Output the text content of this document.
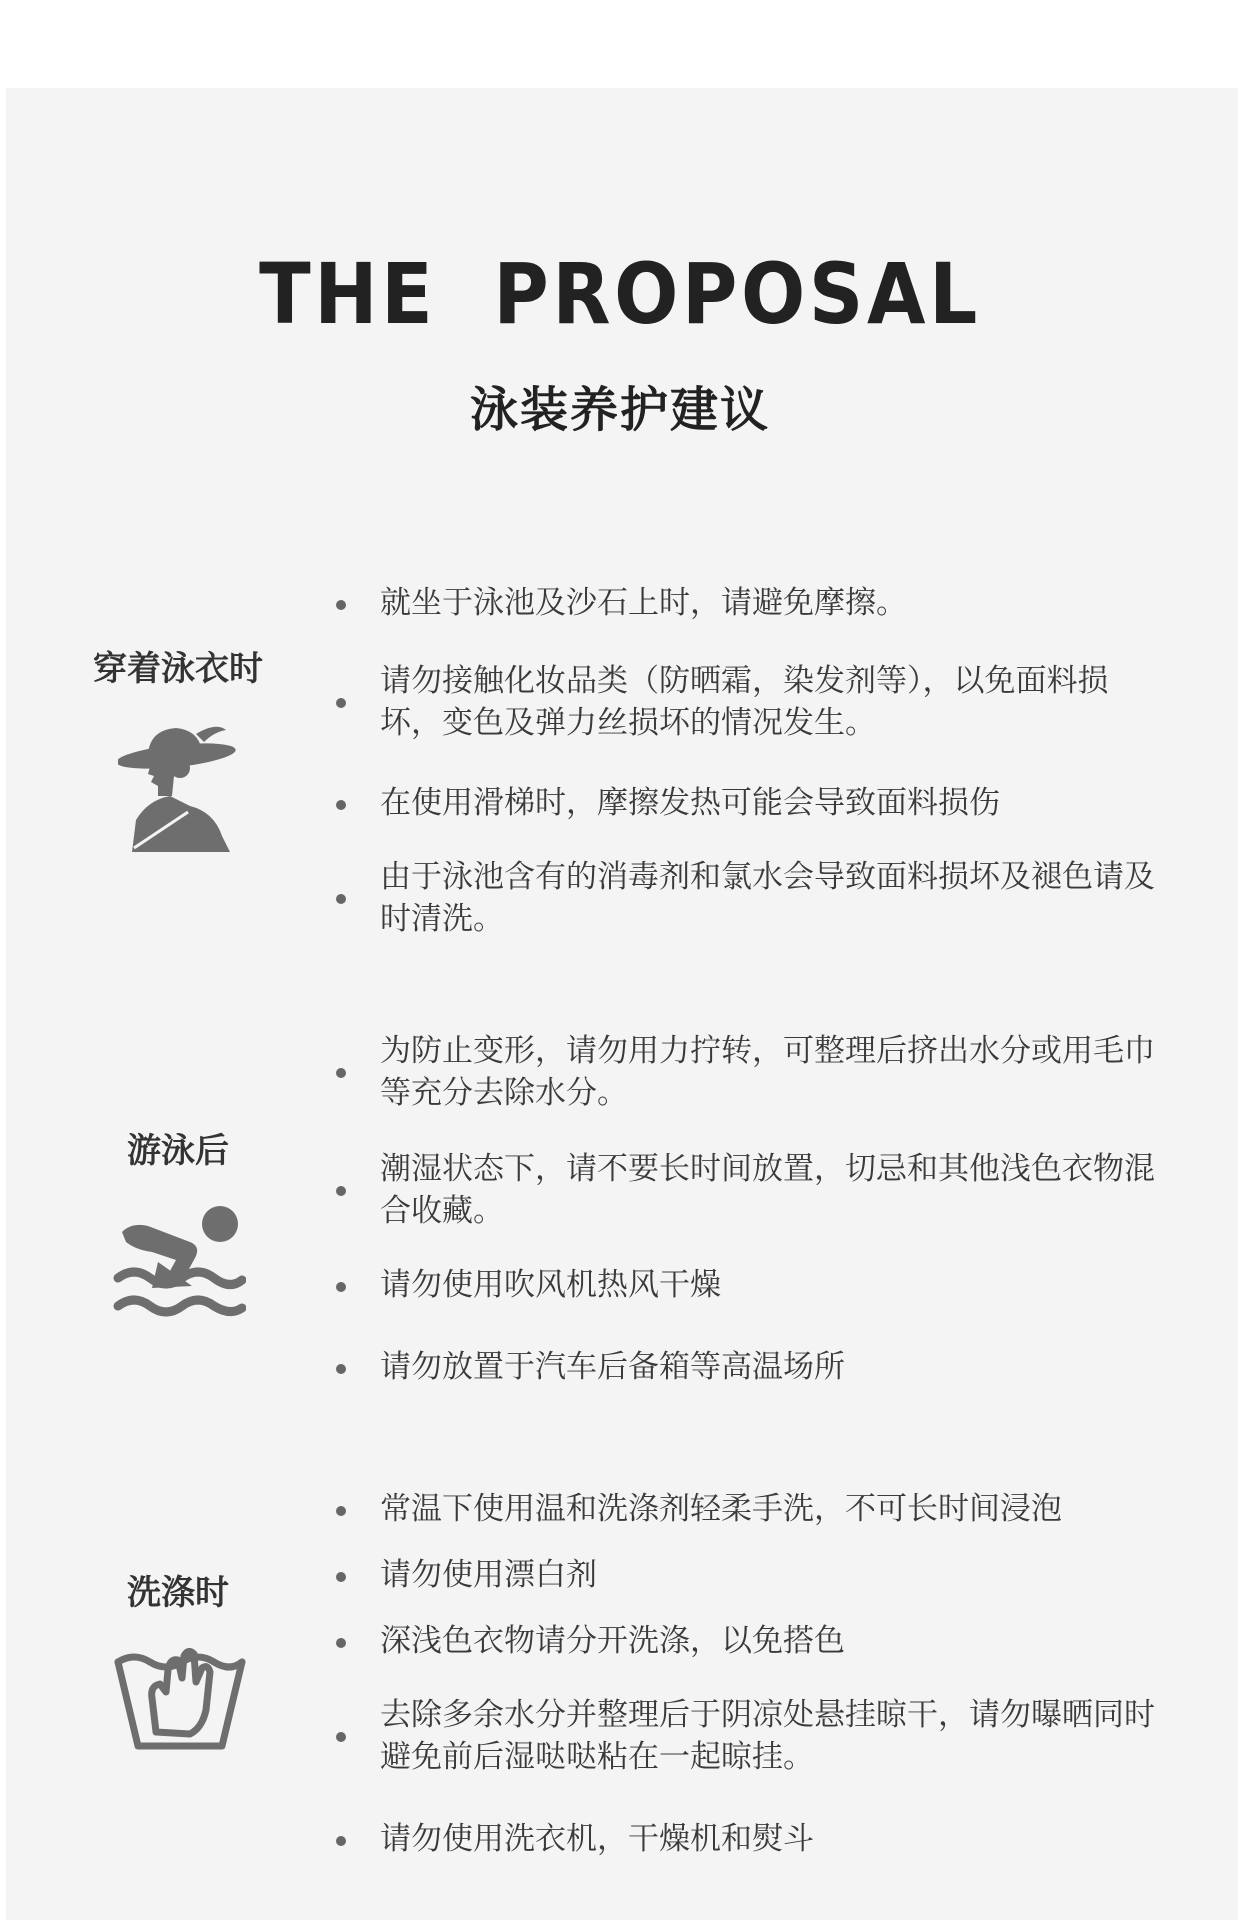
THE PROPOSAL
泳装养护建议
穿着泳衣时
就坐于泳池及沙石上时，请避免摩擦。
请勿接触化妆品类（防晒霜，染发剂等），以免面料损坏，变色及弹力丝损坏的情况发生。
在使用滑梯时，摩擦发热可能会导致面料损伤
由于泳池含有的消毒剂和氯水会导致面料损坏及褪色请及时清洗。
游泳后
为防止变形，请勿用力拧转，可整理后挤出水分或用毛巾等充分去除水分。
潮湿状态下，请不要长时间放置，切忌和其他浅色衣物混合收藏。
请勿使用吹风机热风干燥
请勿放置于汽车后备箱等高温场所
洗涤时
常温下使用温和洗涤剂轻柔手洗，不可长时间浸泡
请勿使用漂白剂
深浅色衣物请分开洗涤，以免搭色
去除多余水分并整理后于阴凉处悬挂晾干，请勿曝晒同时避免前后湿哒哒粘在一起晾挂。
请勿使用洗衣机，干燥机和熨斗
